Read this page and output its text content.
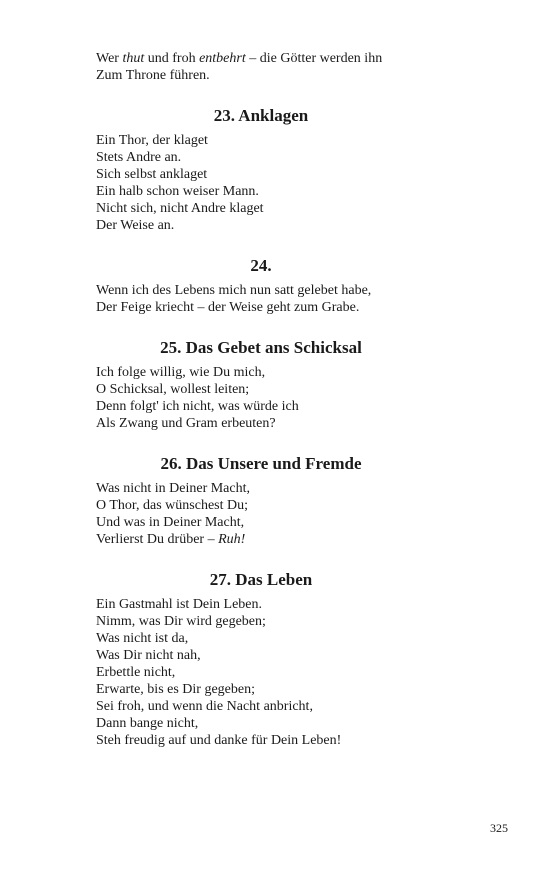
Wer thut und froh entbehrt – die Götter werden ihn
Zum Throne führen.
23. Anklagen
Ein Thor, der klaget
Stets Andre an.
Sich selbst anklaget
Ein halb schon weiser Mann.
Nicht sich, nicht Andre klaget
Der Weise an.
24.
Wenn ich des Lebens mich nun satt gelebet habe,
Der Feige kriecht – der Weise geht zum Grabe.
25. Das Gebet ans Schicksal
Ich folge willig, wie Du mich,
O Schicksal, wollest leiten;
Denn folgt' ich nicht, was würde ich
Als Zwang und Gram erbeuten?
26. Das Unsere und Fremde
Was nicht in Deiner Macht,
O Thor, das wünschest Du;
Und was in Deiner Macht,
Verlierst Du drüber – Ruh!
27. Das Leben
Ein Gastmahl ist Dein Leben.
Nimm, was Dir wird gegeben;
Was nicht ist da,
Was Dir nicht nah,
Erbettle nicht,
Erwarte, bis es Dir gegeben;
Sei froh, und wenn die Nacht anbricht,
Dann bange nicht,
Steh freudig auf und danke für Dein Leben!
325
